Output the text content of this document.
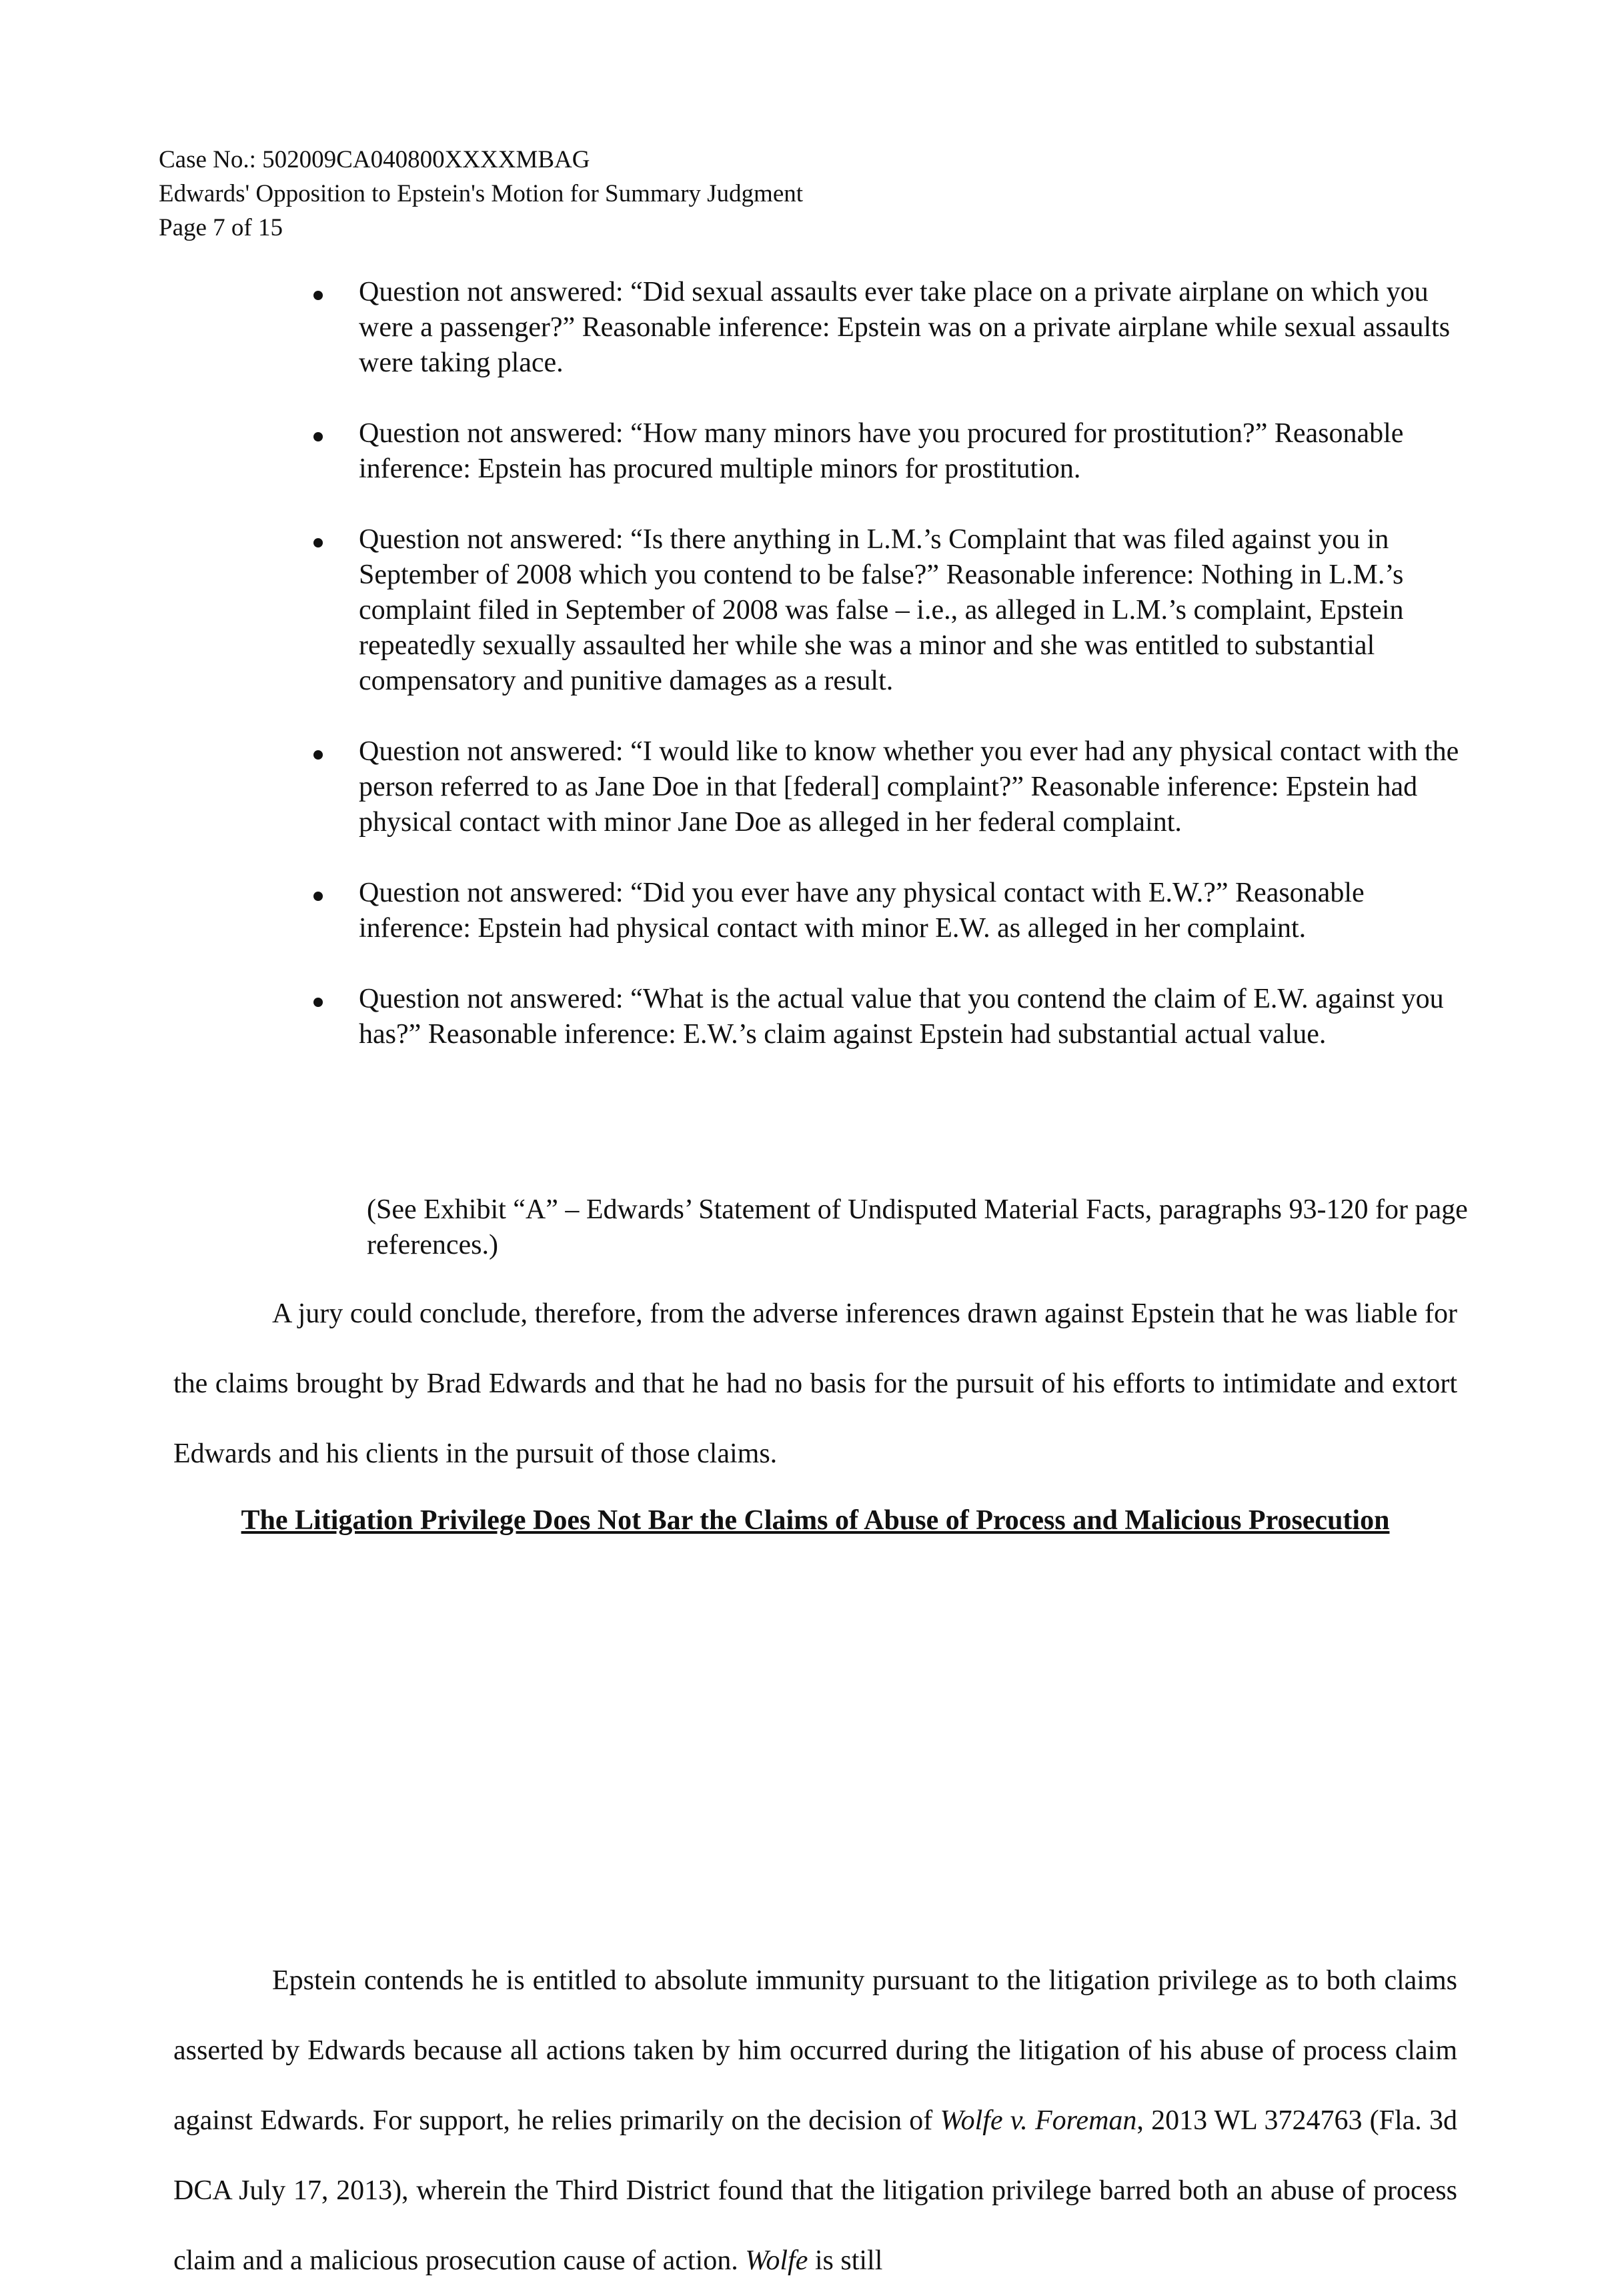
Case No.: 502009CA040800XXXXMBAG
Edwards' Opposition to Epstein's Motion for Summary Judgment
Page 7 of 15
Question not answered: “Did sexual assaults ever take place on a private airplane on which you were a passenger?” Reasonable inference: Epstein was on a private airplane while sexual assaults were taking place.
Question not answered: “How many minors have you procured for prostitution?” Reasonable inference: Epstein has procured multiple minors for prostitution.
Question not answered: “Is there anything in L.M.’s Complaint that was filed against you in September of 2008 which you contend to be false?” Reasonable inference: Nothing in L.M.’s complaint filed in September of 2008 was false – i.e., as alleged in L.M.’s complaint, Epstein repeatedly sexually assaulted her while she was a minor and she was entitled to substantial compensatory and punitive damages as a result.
Question not answered: “I would like to know whether you ever had any physical contact with the person referred to as Jane Doe in that [federal] complaint?” Reasonable inference: Epstein had physical contact with minor Jane Doe as alleged in her federal complaint.
Question not answered: “Did you ever have any physical contact with E.W.?” Reasonable inference: Epstein had physical contact with minor E.W. as alleged in her complaint.
Question not answered: “What is the actual value that you contend the claim of E.W. against you has?” Reasonable inference: E.W.’s claim against Epstein had substantial actual value.
(See Exhibit “A” – Edwards’ Statement of Undisputed Material Facts, paragraphs 93-120 for page references.)
A jury could conclude, therefore, from the adverse inferences drawn against Epstein that he was liable for the claims brought by Brad Edwards and that he had no basis for the pursuit of his efforts to intimidate and extort Edwards and his clients in the pursuit of those claims.
The Litigation Privilege Does Not Bar the Claims of Abuse of Process and Malicious Prosecution
Epstein contends he is entitled to absolute immunity pursuant to the litigation privilege as to both claims asserted by Edwards because all actions taken by him occurred during the litigation of his abuse of process claim against Edwards. For support, he relies primarily on the decision of Wolfe v. Foreman, 2013 WL 3724763 (Fla. 3d DCA July 17, 2013), wherein the Third District found that the litigation privilege barred both an abuse of process claim and a malicious prosecution cause of action. Wolfe is still
